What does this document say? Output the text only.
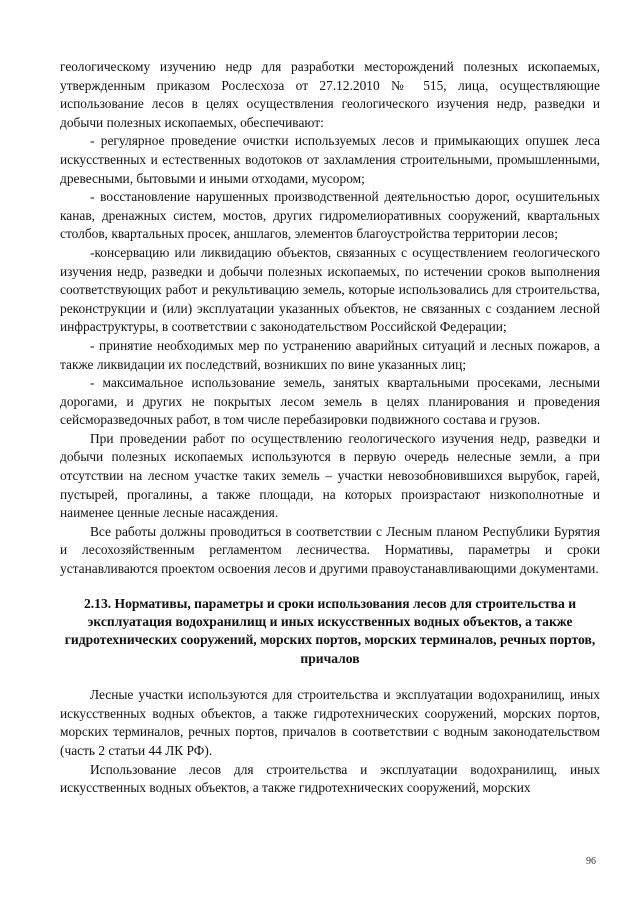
геологическому изучению недр для разработки месторождений полезных ископаемых, утвержденным приказом Рослесхоза от 27.12.2010 № 515, лица, осуществляющие использование лесов в целях осуществления геологического изучения недр, разведки и добычи полезных ископаемых, обеспечивают:

- регулярное проведение очистки используемых лесов и примыкающих опушек леса искусственных и естественных водотоков от захламления строительными, промышленными, древесными, бытовыми и иными отходами, мусором;

- восстановление нарушенных производственной деятельностью дорог, осушительных канав, дренажных систем, мостов, других гидромелиоративных сооружений, квартальных столбов, квартальных просек, аншлагов, элементов благоустройства территории лесов;

-консервацию или ликвидацию объектов, связанных с осуществлением геологического изучения недр, разведки и добычи полезных ископаемых, по истечении сроков выполнения соответствующих работ и рекультивацию земель, которые использовались для строительства, реконструкции и (или) эксплуатации указанных объектов, не связанных с созданием лесной инфраструктуры, в соответствии с законодательством Российской Федерации;

- принятие необходимых мер по устранению аварийных ситуаций и лесных пожаров, а также ликвидации их последствий, возникших по вине указанных лиц;

- максимальное использование земель, занятых квартальными просеками, лесными дорогами, и других не покрытых лесом земель в целях планирования и проведения сейсморазведочных работ, в том числе перебазировки подвижного состава и грузов.

При проведении работ по осуществлению геологического изучения недр, разведки и добычи полезных ископаемых используются в первую очередь нелесные земли, а при отсутствии на лесном участке таких земель – участки невозобновившихся вырубок, гарей, пустырей, прогалины, а также площади, на которых произрастают низкополнотные и наименее ценные лесные насаждения.

Все работы должны проводиться в соответствии с Лесным планом Республики Бурятия и лесохозяйственным регламентом лесничества. Нормативы, параметры и сроки устанавливаются проектом освоения лесов и другими правоустанавливающими документами.

2.13. Нормативы, параметры и сроки использования лесов для строительства и эксплуатация водохранилищ и иных искусственных водных объектов, а также гидротехнических сооружений, морских портов, морских терминалов, речных портов, причалов

Лесные участки используются для строительства и эксплуатации водохранилищ, иных искусственных водных объектов, а также гидротехнических сооружений, морских портов, морских терминалов, речных портов, причалов в соответствии с водным законодательством (часть 2 статьи 44 ЛК РФ).

Использование лесов для строительства и эксплуатации водохранилищ, иных искусственных водных объектов, а также гидротехнических сооружений, морских

96
